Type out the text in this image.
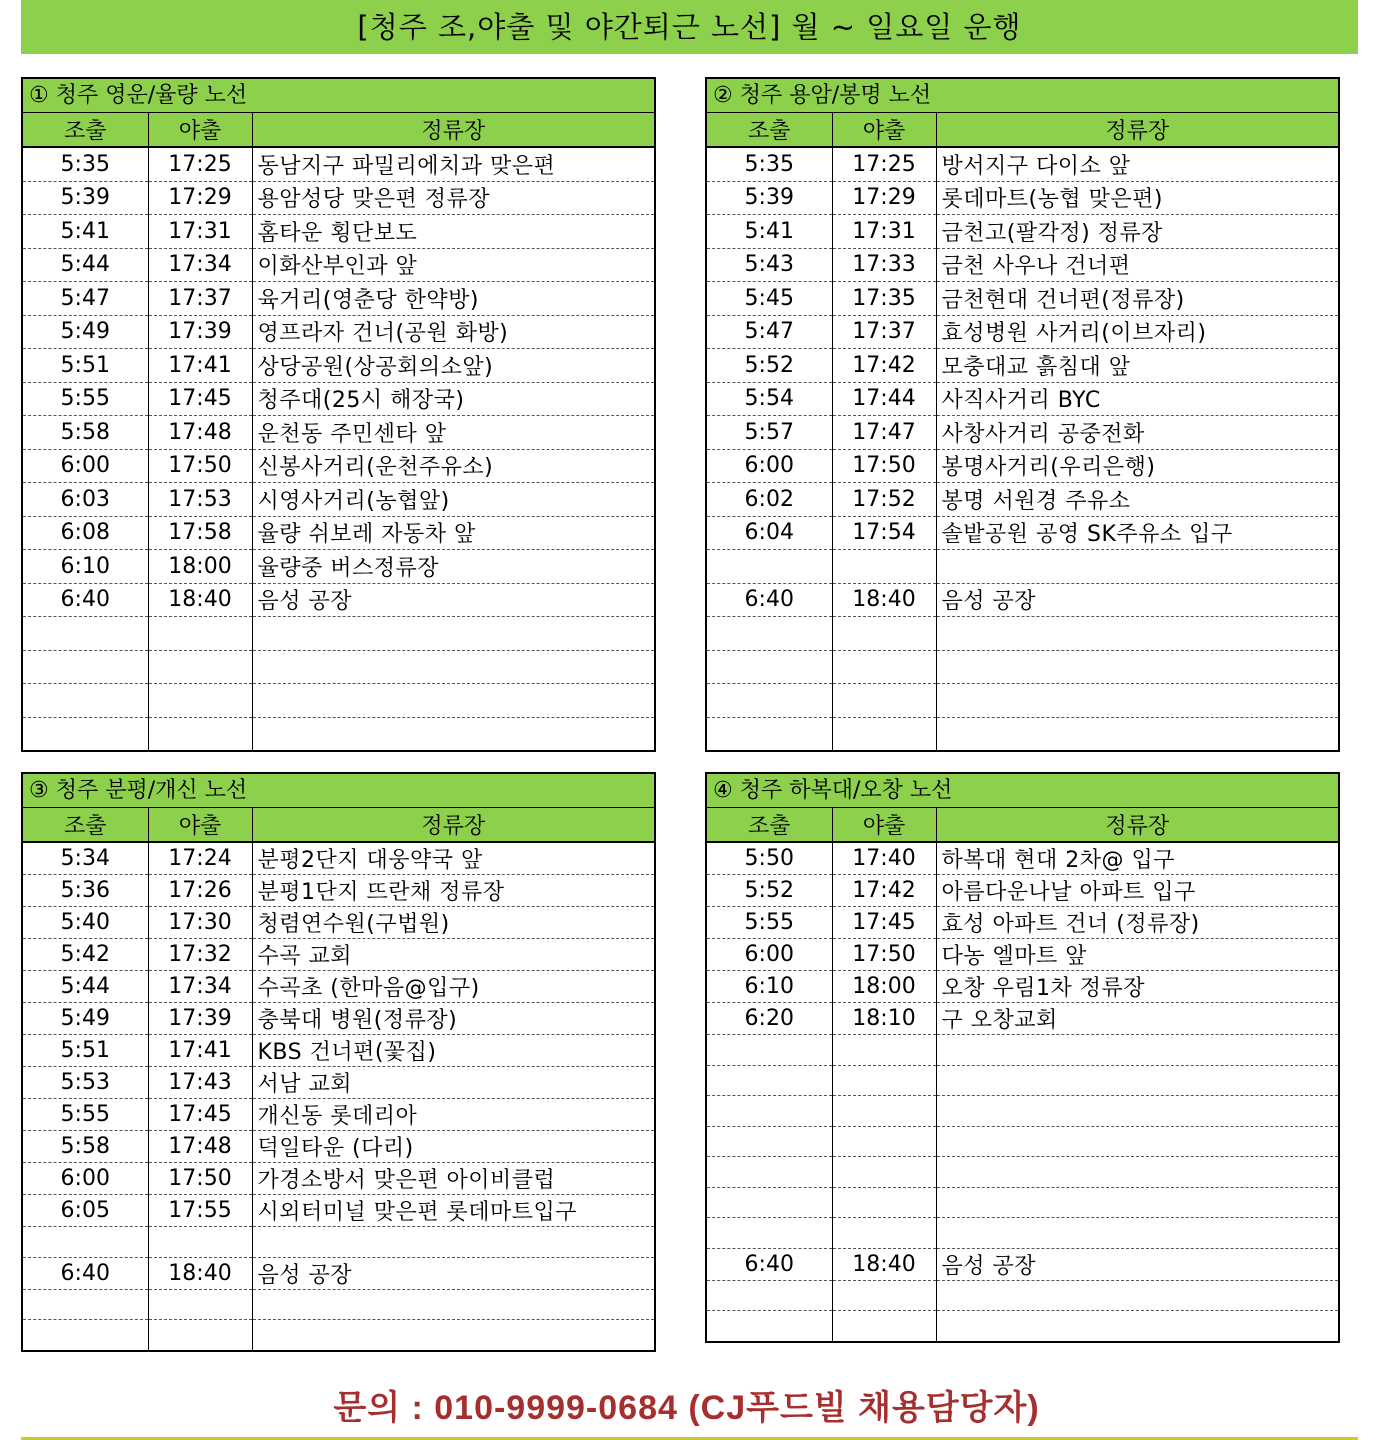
[청주 조,야출 및 야간퇴근 노선] 월 ~ 일요일 운행
① 청주 영운/율량 노선
조출	야출	정류장
5:35	17:25	동남지구 파밀리에치과 맞은편
5:39	17:29	용암성당 맞은편 정류장
5:41	17:31	홈타운 횡단보도
5:44	17:34	이화산부인과 앞
5:47	17:37	육거리(영춘당 한약방)
5:49	17:39	영프라자 건너(공원 화방)
5:51	17:41	상당공원(상공회의소앞)
5:55	17:45	청주대(25시 해장국)
5:58	17:48	운천동 주민센타 앞
6:00	17:50	신봉사거리(운천주유소)
6:03	17:53	시영사거리(농협앞)
6:08	17:58	율량 쉬보레 자동차 앞
6:10	18:00	율량중 버스정류장
6:40	18:40	음성 공장

② 청주 용암/봉명 노선
조출	야출	정류장
5:35	17:25	방서지구 다이소 앞
5:39	17:29	롯데마트(농협 맞은편)
5:41	17:31	금천고(팔각정) 정류장
5:43	17:33	금천 사우나 건너편
5:45	17:35	금천현대 건너편(정류장)
5:47	17:37	효성병원 사거리(이브자리)
5:52	17:42	모충대교 흙침대 앞
5:54	17:44	사직사거리 BYC
5:57	17:47	사창사거리 공중전화
6:00	17:50	봉명사거리(우리은행)
6:02	17:52	봉명 서원경 주유소
6:04	17:54	솔밭공원 공영 SK주유소 입구

6:40	18:40	음성 공장

③ 청주 분평/개신 노선
조출	야출	정류장
5:34	17:24	분평2단지 대웅약국 앞
5:36	17:26	분평1단지 뜨란채 정류장
5:40	17:30	청렴연수원(구법원)
5:42	17:32	수곡 교회
5:44	17:34	수곡초 (한마음@입구)
5:49	17:39	충북대 병원(정류장)
5:51	17:41	KBS 건너편(꽃집)
5:53	17:43	서남 교회
5:55	17:45	개신동 롯데리아
5:58	17:48	덕일타운 (다리)
6:00	17:50	가경소방서 맞은편 아이비클럽
6:05	17:55	시외터미널 맞은편 롯데마트입구

6:40	18:40	음성 공장

④ 청주 하복대/오창 노선
조출	야출	정류장
5:50	17:40	하복대 현대 2차@ 입구
5:52	17:42	아름다운나날 아파트 입구
5:55	17:45	효성 아파트 건너 (정류장)
6:00	17:50	다농 엘마트 앞
6:10	18:00	오창 우림1차 정류장
6:20	18:10	구 오창교회

6:40	18:40	음성 공장

문의 : 010-9999-0684 (CJ푸드빌 채용담당자)
